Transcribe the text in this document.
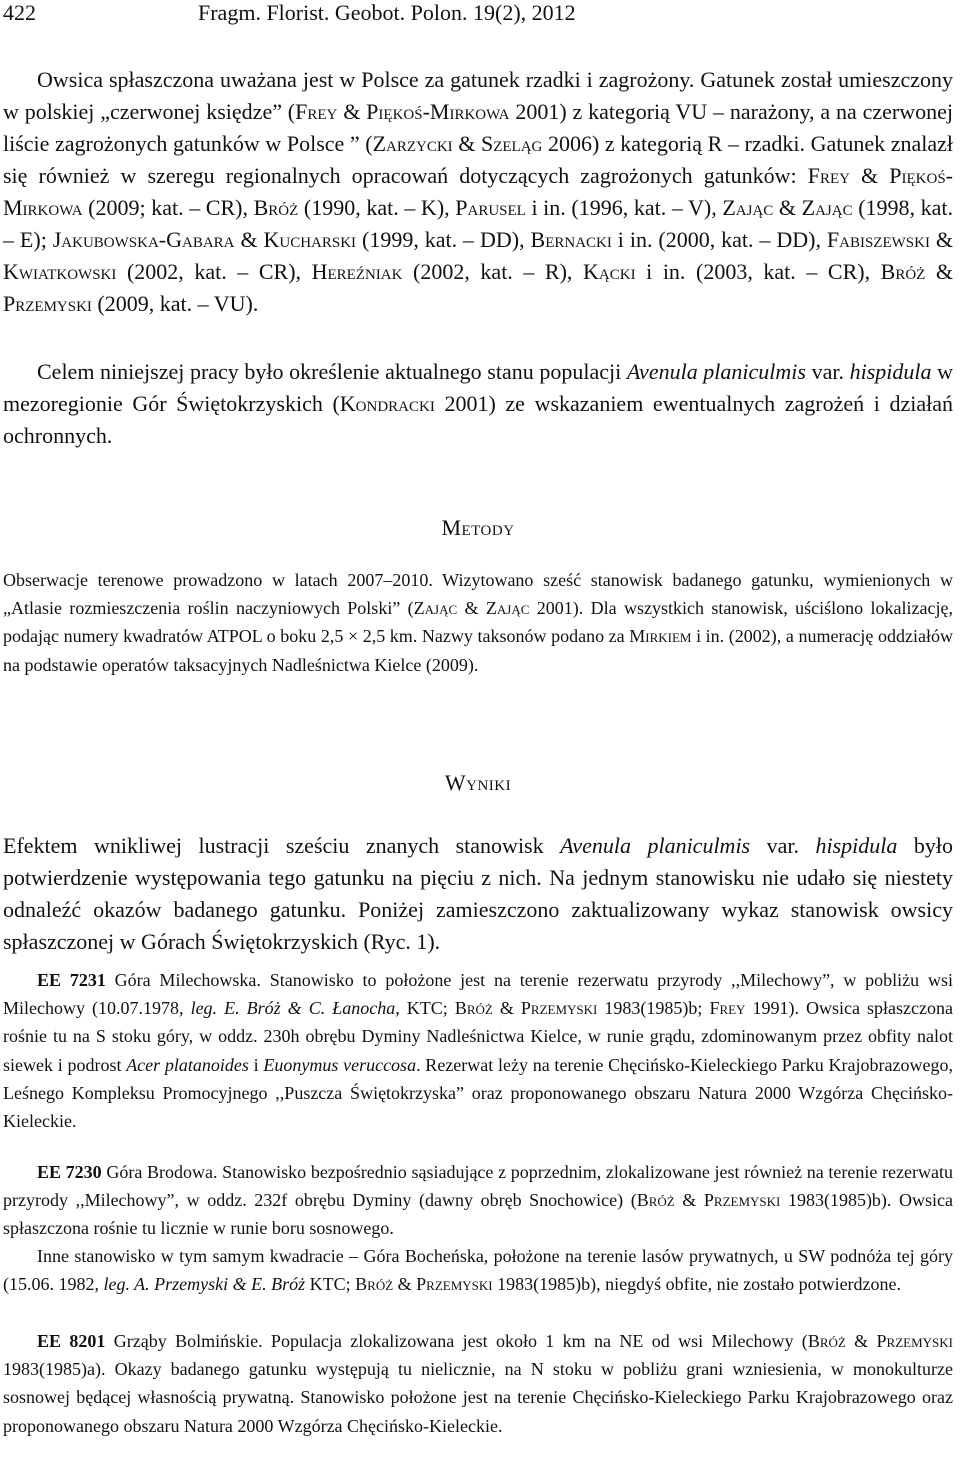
422	Fragm. Florist. Geobot. Polon. 19(2), 2012

Owsica spłaszczona uważana jest w Polsce za gatunek rzadki i zagrożony. Gatunek został umieszczony w polskiej „czerwonej księdze” (Frey & Piękoś-Mirkowa 2001) z kategorią VU – narażony, a na czerwonej liście zagrożonych gatunków w Polsce ” (Zarzycki & Szeląg 2006) z kategorią R – rzadki. Gatunek znalazł się również w szeregu regionalnych opracowań dotyczących zagrożonych gatunków: Frey & Piękoś-Mirkowa (2009; kat. – CR), Bróż (1990, kat. – K), Parusel i in. (1996, kat. – V), Zając & Zając (1998, kat. – E); Jakubowska-Gabara & Kucharski (1999, kat. – DD), Bernacki i in. (2000, kat. – DD), Fabiszewski & Kwiatkowski (2002, kat. – CR), Hereźniak (2002, kat. – R), Kącki i in. (2003, kat. – CR), Bróż & Przemyski (2009, kat. – VU).

Celem niniejszej pracy było określenie aktualnego stanu populacji Avenula planiculmis var. hispidula w mezoregionie Gór Świętokrzyskich (Kondracki 2001) ze wskazaniem ewentualnych zagrożeń i działań ochronnych.

Metody

Obserwacje terenowe prowadzono w latach 2007–2010. Wizytowano sześć stanowisk badanego gatunku, wymienionych w „Atlasie rozmieszczenia roślin naczyniowych Polski” (Zając & Zając 2001). Dla wszystkich stanowisk, uściślono lokalizację, podając numery kwadratów ATPOL o boku 2,5 × 2,5 km. Nazwy taksonów podano za Mirkiem i in. (2002), a numerację oddziałów na podstawie operatów taksacyjnych Nadleśnictwa Kielce (2009).

Wyniki

Efektem wnikliwej lustracji sześciu znanych stanowisk Avenula planiculmis var. hispidula było potwierdzenie występowania tego gatunku na pięciu z nich. Na jednym stanowisku nie udało się niestety odnaleźć okazów badanego gatunku. Poniżej zamieszczono zaktualizowany wykaz stanowisk owsicy spłaszczonej w Górach Świętokrzyskich (Ryc. 1).

EE 7231 Góra Milechowska. Stanowisko to położone jest na terenie rezerwatu przyrody ,,Milechowy”, w pobliżu wsi Milechowy (10.07.1978, leg. E. Bróż & C. Łanocha, KTC; Bróż & Przemyski 1983(1985)b; Frey 1991). Owsica spłaszczona rośnie tu na S stoku góry, w oddz. 230h obrębu Dyminy Nadleśnictwa Kielce, w runie grądu, zdominowanym przez obfity nalot siewek i podrost Acer platanoides i Euonymus veruccosa. Rezerwat leży na terenie Chęcińsko-Kieleckiego Parku Krajobrazowego, Leśnego Kompleksu Promocyjnego ,,Puszcza Świętokrzyska” oraz proponowanego obszaru Natura 2000 Wzgórza Chęcińsko-Kieleckie.

EE 7230 Góra Brodowa. Stanowisko bezpośrednio sąsiadujące z poprzednim, zlokalizowane jest również na terenie rezerwatu przyrody ,,Milechowy”, w oddz. 232f obrębu Dyminy (dawny obręb Snochowice) (Bróż & Przemyski 1983(1985)b). Owsica spłaszczona rośnie tu licznie w runie boru sosnowego.

Inne stanowisko w tym samym kwadracie – Góra Bocheńska, położone na terenie lasów prywatnych, u SW podnóża tej góry (15.06. 1982, leg. A. Przemyski & E. Bróż KTC; Bróż & Przemyski 1983(1985)b), niegdyś obfite, nie zostało potwierdzone.

EE 8201 Grząby Bolmińskie. Populacja zlokalizowana jest około 1 km na NE od wsi Milechowy (Bróż & Przemyski 1983(1985)a). Okazy badanego gatunku występują tu nielicznie, na N stoku w pobliżu grani wzniesienia, w monokulturze sosnowej będącej własnością prywatną. Stanowisko położone jest na terenie Chęcińsko-Kieleckiego Parku Krajobrazowego oraz proponowanego obszaru Natura 2000 Wzgórza Chęcińsko-Kieleckie.
